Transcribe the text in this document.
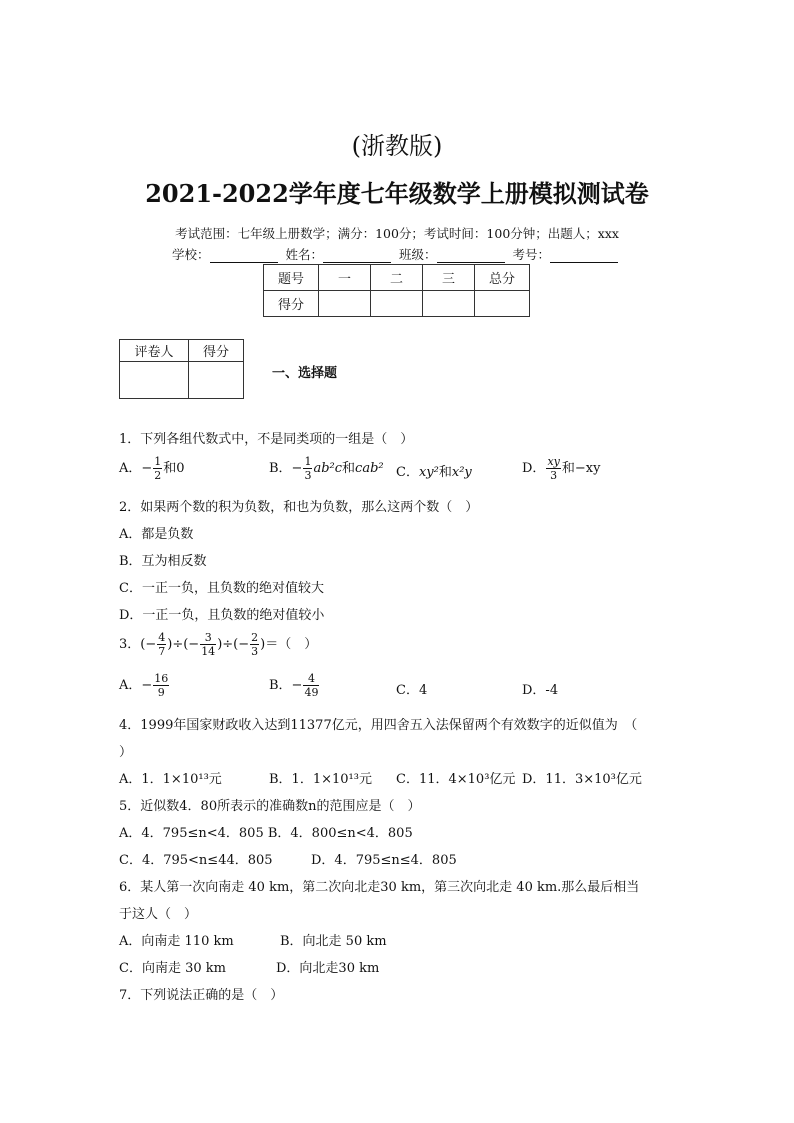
(浙教版)
2021-2022学年度七年级数学上册模拟测试卷
考试范围：七年级上册数学；满分：100分；考试时间：100分钟；出题人；xxx
学校：	姓名：	班级：	考号：
题号	一	二	三	总分
得分				
评卷人	得分

一、选择题
1．下列各组代数式中，不是同类项的一组是（　）
A．− $\frac{1}{2}$ 和0	B．− $\frac{1}{3} ab^2c$和cab² C．xy²和x²y	D． $\frac{xy}{3}$ 和−xy
2．如果两个数的积为负数，和也为负数，那么这两个数（　）
A．都是负数
B．互为相反数
C．一正一负，且负数的绝对值较大
D．一正一负，且负数的绝对值较小
3．(− $\frac{4}{7}$ )÷(− $\frac{3}{14}$ )÷(− $\frac{2}{3}$ )＝（　）
A．− $\frac{16}{9}$	B．− $\frac{4}{49}$	C．4	D．-4
4．1999年国家财政收入达到11377亿元，用四舍五入法保留两个有效数字的近似值为　（
）
A．1．1×10¹³元	B．1．1×10¹³元 C．11．4×10³亿元 D．11．3×10³亿元
5．近似数4．80所表示的准确数n的范围应是（　）
A．4．795≤n<4．805 B．4．800≤n<4．805
C．4．795<n≤44．805	D．4．795≤n≤4．805
6．某人第一次向南走 40 km，第二次向北走30 km，第三次向北走 40 km.那么最后相当
于这人（　）
A．向南走 110 km	B．向北走 50 km
C．向南走 30 km	D．向北走30 km
7．下列说法正确的是（　）
